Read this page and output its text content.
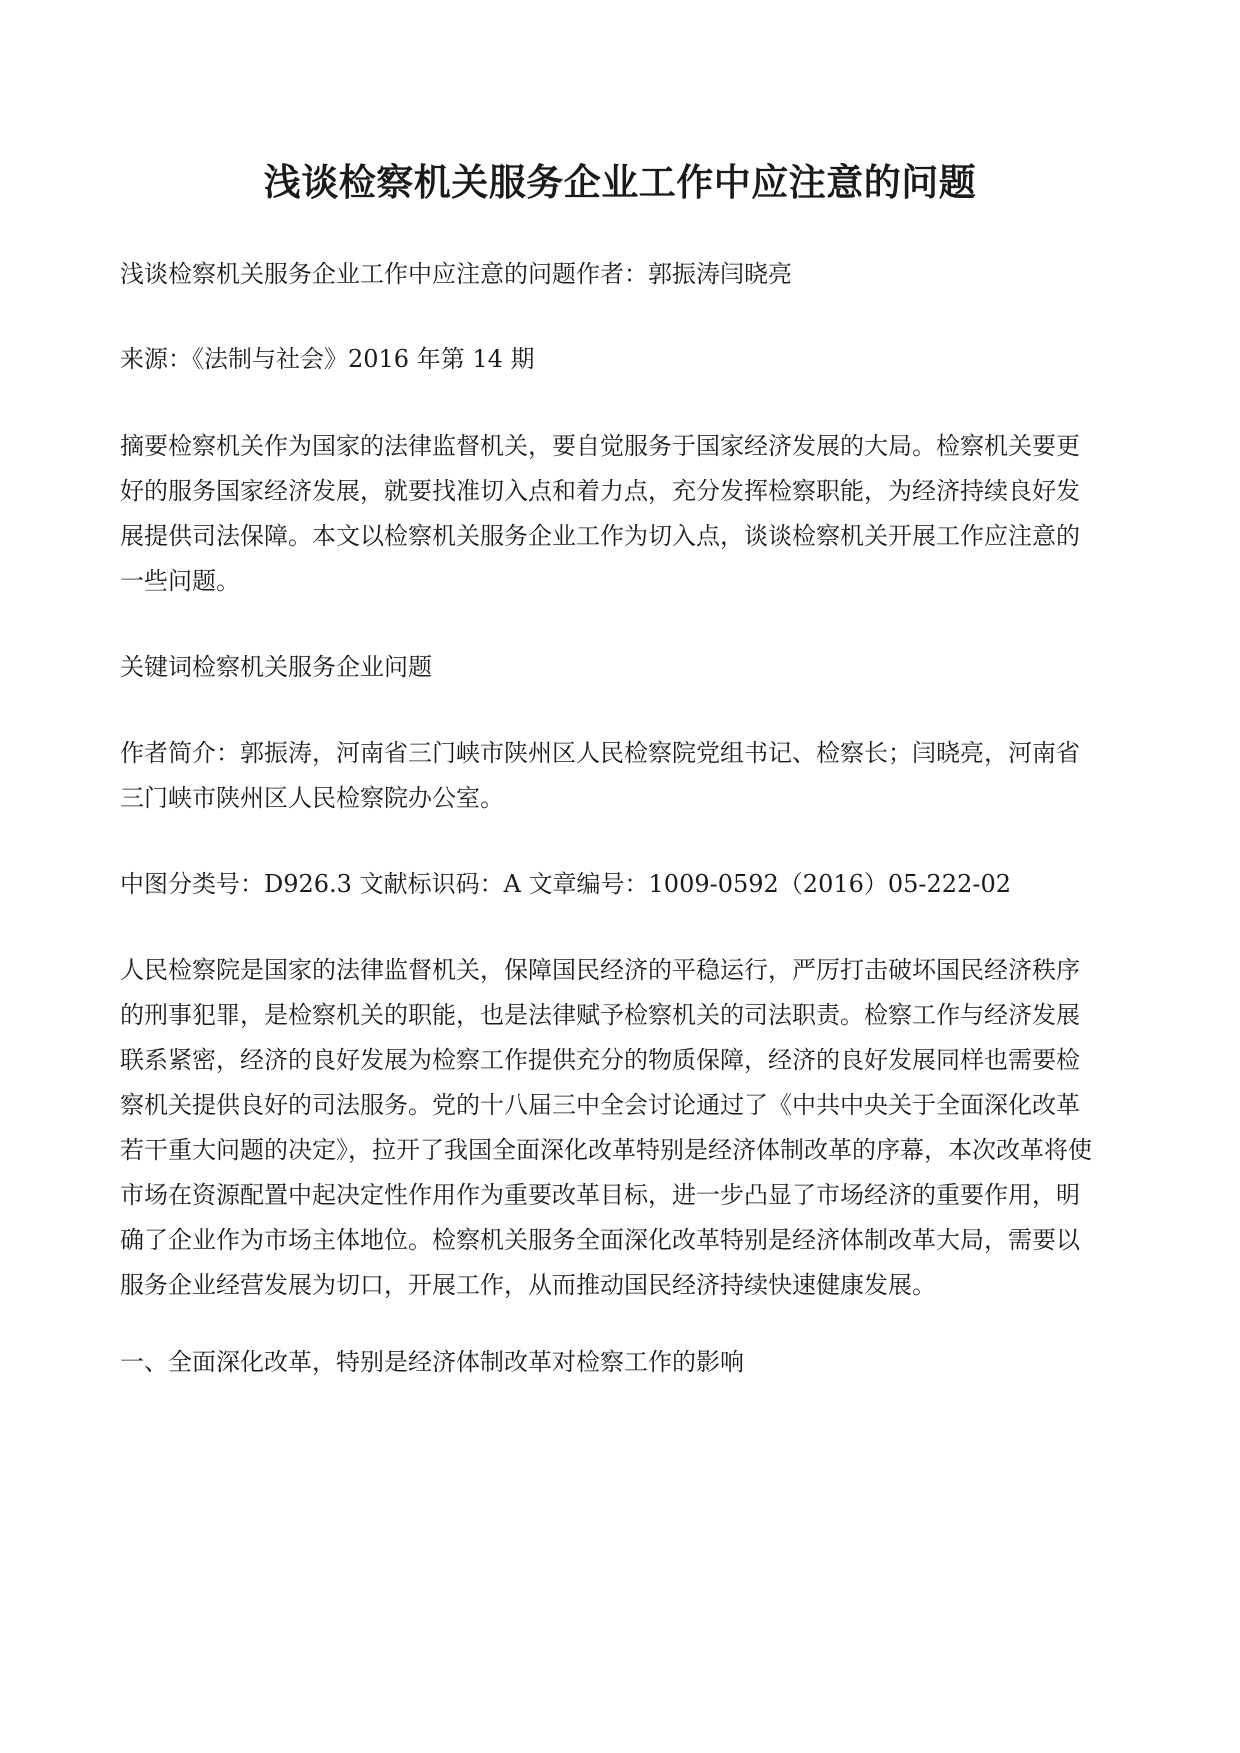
浅谈检察机关服务企业工作中应注意的问题

浅谈检察机关服务企业工作中应注意的问题作者：郭振涛闫晓亮

来源：《法制与社会》2016 年第 14 期

摘要检察机关作为国家的法律监督机关，要自觉服务于国家经济发展的大局。检察机关要更
好的服务国家经济发展，就要找准切入点和着力点，充分发挥检察职能，为经济持续良好发
展提供司法保障。本文以检察机关服务企业工作为切入点，谈谈检察机关开展工作应注意的
一些问题。

关键词检察机关服务企业问题

作者简介：郭振涛，河南省三门峡市陕州区人民检察院党组书记、检察长；闫晓亮，河南省
三门峡市陕州区人民检察院办公室。

中图分类号：D926.3 文献标识码：A 文章编号：1009-0592（2016）05-222-02

人民检察院是国家的法律监督机关，保障国民经济的平稳运行，严厉打击破坏国民经济秩序
的刑事犯罪，是检察机关的职能，也是法律赋予检察机关的司法职责。检察工作与经济发展
联系紧密，经济的良好发展为检察工作提供充分的物质保障，经济的良好发展同样也需要检
察机关提供良好的司法服务。党的十八届三中全会讨论通过了《中共中央关于全面深化改革
若干重大问题的决定》，拉开了我国全面深化改革特别是经济体制改革的序幕，本次改革将使
市场在资源配置中起决定性作用作为重要改革目标，进一步凸显了市场经济的重要作用，明
确了企业作为市场主体地位。检察机关服务全面深化改革特别是经济体制改革大局，需要以
服务企业经营发展为切口，开展工作，从而推动国民经济持续快速健康发展。

一、全面深化改革，特别是经济体制改革对检察工作的影响
